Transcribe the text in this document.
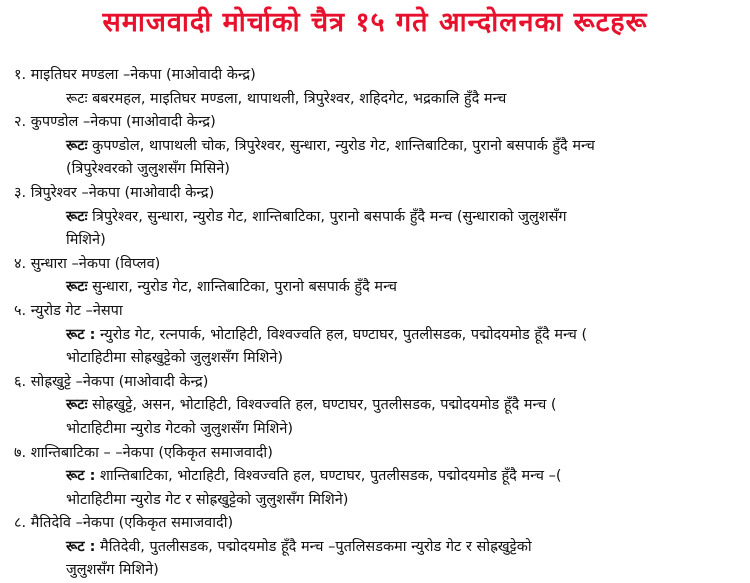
समाजवादी मोर्चाको चैत्र १५ गते आन्दोलनका रूटहरू
१. माइतिघर मण्डला –नेकपा (माओवादी केन्द्र)
रूटः बबरमहल, माइतिघर मण्डला, थापाथली, त्रिपुरेश्वर, शहिदगेट, भद्रकालि हुँदै मन्च
२. कुपण्डोल –नेकपा (माओवादी केन्द्र)
रूटः कुपण्डोल, थापाथली चोक, त्रिपुरेश्वर, सुन्धारा, न्युरोड गेट, शान्तिबाटिका, पुरानो बसपार्क हुँदै मन्च
(त्रिपुरेश्वरको जुलुशसँग मिसिने)
३. त्रिपुरेश्वर –नेकपा (माओवादी केन्द्र)
रूटः त्रिपुरेश्वर, सुन्धारा, न्युरोड गेट, शान्तिबाटिका, पुरानो बसपार्क हुँदै मन्च (सुन्धाराको जुलुशसँग
मिशिने)
४. सुन्धारा –नेकपा (विप्लव)
रूटः सुन्धारा, न्युरोड गेट, शान्तिबाटिका, पुरानो बसपार्क हुँदै मन्च
५. न्युरोड गेट –नेसपा
रूट : न्युरोड गेट, रत्नपार्क, भोटाहिटी, विश्वज्वति हल, घण्टाघर, पुतलीसडक, पद्मोदयमोड हूँदै मन्च (
भोटाहिटीमा सोह्रखुट्टेको जुलुशसँग मिशिने)
६. सोह्रखुट्टे –नेकपा (माओवादी केन्द्र)
रूटः सोह्रखुट्टे, असन, भोटाहिटी, विश्वज्वति हल, घण्टाघर, पुतलीसडक, पद्मोदयमोड हूँदै मन्च (
भोटाहिटीमा न्युरोड गेटको जुलुशसँग मिशिने)
७. शान्तिबाटिका – –नेकपा (एकिकृत समाजवादी)
रूट : शान्तिबाटिका, भोटाहिटी, विश्वज्वति हल, घण्टाघर, पुतलीसडक, पद्मोदयमोड हूँदै मन्च –(
भोटाहिटीमा न्युरोड गेट र सोह्रखुट्टेको जुलुशसँग मिशिने)
८. मैतिदेवि –नेकपा (एकिकृत समाजवादी)
रूट : मैतिदेवी, पुतलीसडक, पद्मोदयमोड हूँदै मन्च –पुतलिसडकमा न्युरोड गेट र सोह्रखुट्टेको
जुलुशसँग मिशिने)
